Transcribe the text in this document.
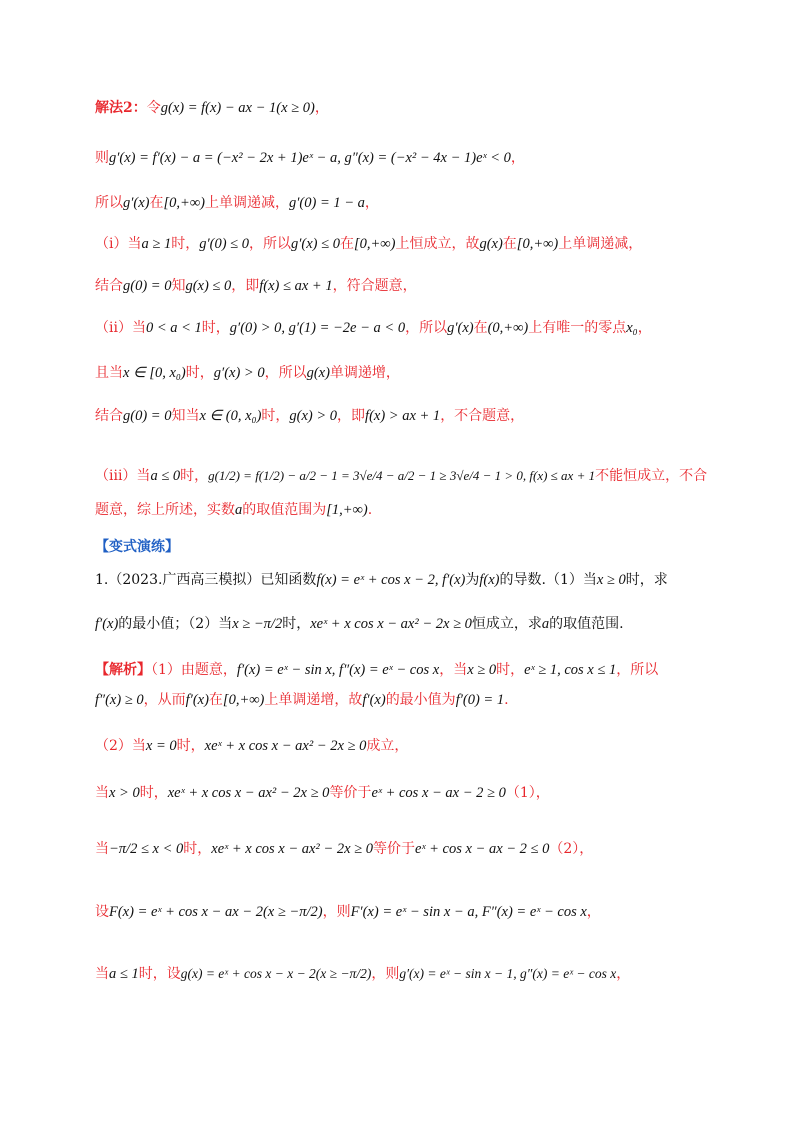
解法2：令g(x) = f(x) − ax − 1(x ≥ 0)，
则g′(x) = f′(x) − a = (−x² − 2x + 1)eˣ − a, g″(x) = (−x² − 4x − 1)eˣ < 0，
所以g′(x)在[0,+∞)上单调递减，g′(0) = 1 − a，
（i）当a ≥ 1时，g′(0) ≤ 0，所以g′(x) ≤ 0在[0,+∞)上恒成立，故g(x)在[0,+∞)上单调递减，
结合g(0) = 0知g(x) ≤ 0，即f(x) ≤ ax + 1，符合题意，
（ii）当0 < a < 1时，g′(0) > 0, g′(1) = −2e − a < 0，所以g′(x)在(0,+∞)上有唯一的零点x₀，
且当x ∈ [0, x₀)时，g′(x) > 0，所以g(x)单调递增，
结合g(0) = 0知当x ∈ (0, x₀)时，g(x) > 0，即f(x) > ax + 1，不合题意，
（iii）当a ≤ 0时，g(1/2) = f(1/2) − a/2 − 1 = 3√e/4 − a/2 − 1 ≥ 3√e/4 − 1 > 0, f(x) ≤ ax + 1不能恒成立，不合
题意，综上所述，实数a的取值范围为[1,+∞).
【变式演练】
1.（2023.广西高三模拟）已知函数f(x) = eˣ + cos x − 2, f′(x)为f(x)的导数.（1）当x ≥ 0时，求
f′(x)的最小值；（2）当x ≥ −π/2时，xeˣ + x cos x − ax² − 2x ≥ 0恒成立，求a的取值范围.
【解析】（1）由题意，f′(x) = eˣ − sin x, f″(x) = eˣ − cos x，当x ≥ 0时，eˣ ≥ 1, cos x ≤ 1，所以
f″(x) ≥ 0，从而f′(x)在[0,+∞)上单调递增，故f′(x)的最小值为f′(0) = 1.
（2）当x = 0时，xeˣ + x cos x − ax² − 2x ≥ 0成立，
当x > 0时，xeˣ + x cos x − ax² − 2x ≥ 0等价于eˣ + cos x − ax − 2 ≥ 0（1），
当−π/2 ≤ x < 0时，xeˣ + x cos x − ax² − 2x ≥ 0等价于eˣ + cos x − ax − 2 ≤ 0（2），
设F(x) = eˣ + cos x − ax − 2(x ≥ −π/2)，则F′(x) = eˣ − sin x − a, F″(x) = eˣ − cos x，
当a ≤ 1时，设g(x) = eˣ + cos x − x − 2(x ≥ −π/2)，则g′(x) = eˣ − sin x − 1, g″(x) = eˣ − cos x，
